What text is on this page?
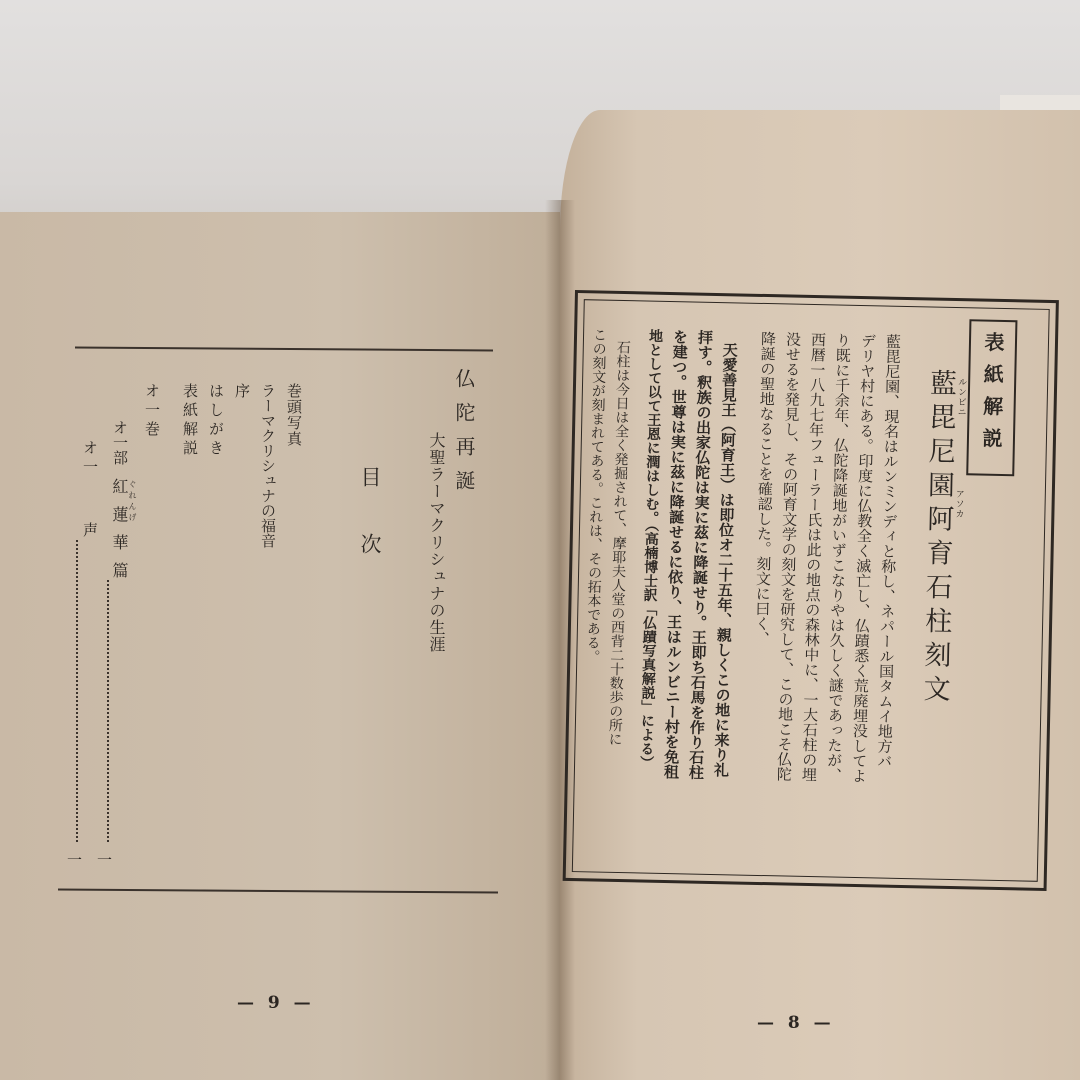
仏陀再誕
大聖ラーマクリシュナの生涯
目次
巻頭写真
ラーマクリシュナの福音
序
はしがき
表紙解説
オ一巻
オ一部
紅蓮華篇 ぐれんげ
一
オ一
声
一
— 9 —
表紙解説
藍毘尼園阿育石柱刻文
ルンビニ
アソカ
藍毘尼園、現名はルンミンディと称し、ネパール国タムイ地方バ
デリヤ村にある。印度に仏教全く滅亡し、仏蹟悉く荒廃埋没してよ
り既に千余年、仏陀降誕地がいずこなりやは久しく謎であったが、
西暦一八九七年フューラー氏は此の地点の森林中に、一大石柱の埋
没せるを発見し、その阿育文学の刻文を研究して、この地こそ仏陀
降誕の聖地なることを確認した。刻文に曰く、
天愛善見王（阿育王）は即位オ二十五年、親しくこの地に来り礼
拝す。釈族の出家仏陀は実に茲に降誕せり。王即ち石馬を作り石柱
を建つ。世尊は実に茲に降誕せるに依り、王はルンビニー村を免租
地として以て王恩に潤はしむ。（高楠博士訳「仏蹟写真解説」による）
石柱は今日は全く発掘されて、摩耶夫人堂の西背二十数歩の所に
この刻文が刻まれてある。これは、その拓本である。
— 8 —
